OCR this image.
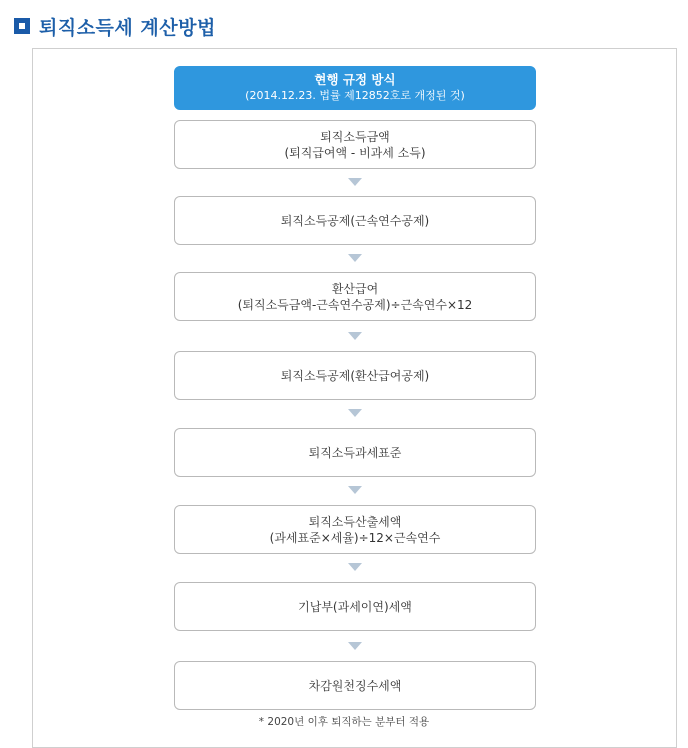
퇴직소득세 계산방법
현행 규정 방식
(2014.12.23. 법률 제12852호로 개정된 것)
퇴직소득금액
(퇴직급여액 - 비과세 소득)
퇴직소득공제(근속연수공제)
환산급여
(퇴직소득금액-근속연수공제)÷근속연수×12
퇴직소득공제(환산급여공제)
퇴직소득과세표준
퇴직소득산출세액
(과세표준×세율)÷12×근속연수
기납부(과세이연)세액
차감원천징수세액
* 2020년 이후 퇴직하는 분부터 적용
